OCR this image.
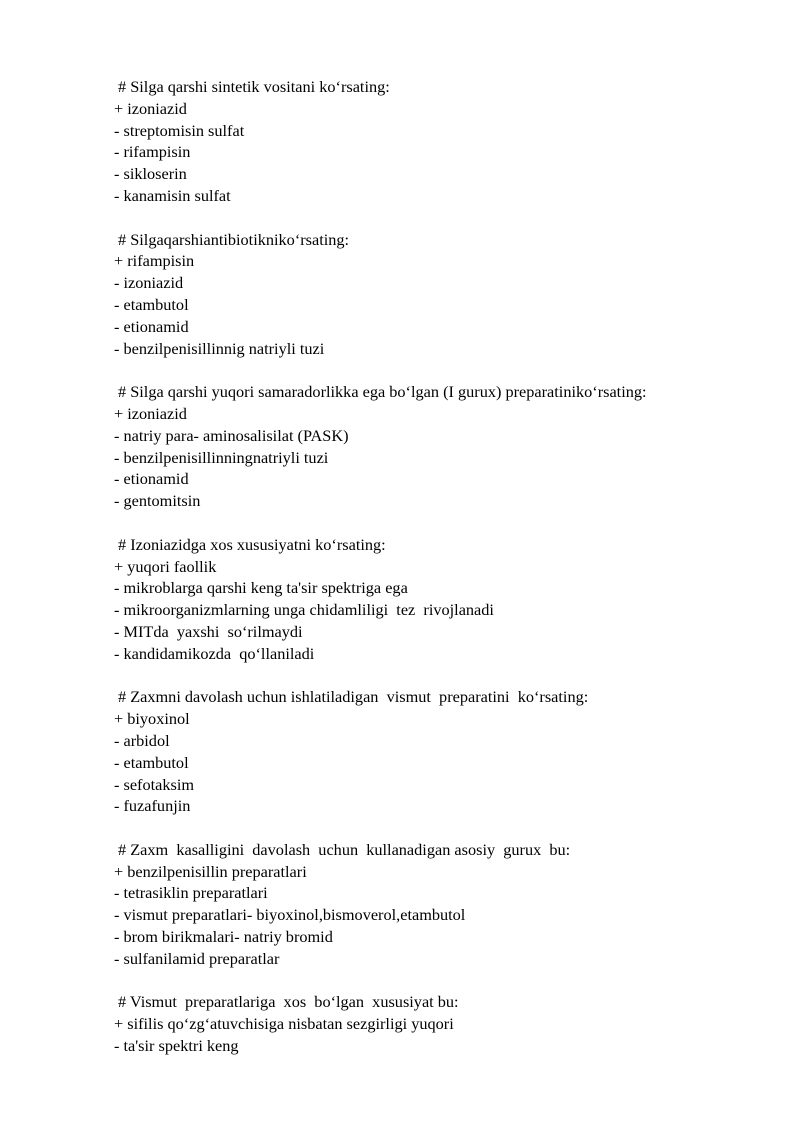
# Silga qarshi sintetik vositani ko‘rsating:
+ izoniazid
- streptomisin sulfat
- rifampisin
- sikloserin
- kanamisin sulfat
# Silgaqarshiantibiotikniko‘rsating:
+ rifampisin
- izoniazid
- etambutol
- etionamid
- benzilpenisillinnig natriyli tuzi
# Silga qarshi yuqori samaradorlikka ega bo‘lgan (I gurux) preparatiniko‘rsating:
+ izoniazid
- natriy para- aminosalisilat (PASK)
- benzilpenisillinningnatriyli tuzi
- etionamid
- gentomitsin
# Izoniazidga xos xususiyatni ko‘rsating:
+ yuqori faollik
- mikroblarga qarshi keng ta'sir spektriga ega
- mikroorganizmlarning unga chidamliligi  tez  rivojlanadi
- MITda  yaxshi  so‘rilmaydi
- kandidamikozda  qo‘llaniladi
# Zaxmni davolash uchun ishlatiladigan  vismut  preparatini  ko‘rsating:
+ biyoxinol
- arbidol
- etambutol
- sefotaksim
- fuzafunjin
# Zaxm  kasalligini  davolash  uchun  kullanadigan asosiy  gurux  bu:
+ benzilpenisillin preparatlari
- tetrasiklin preparatlari
- vismut preparatlari- biyoxinol,bismoverol,etambutol
- brom birikmalari- natriy bromid
- sulfanilamid preparatlar
# Vismut  preparatlariga  xos  bo‘lgan  xususiyat bu:
+ sifilis qo‘zg‘atuvchisiga nisbatan sezgirligi yuqori
- ta'sir spektri keng
